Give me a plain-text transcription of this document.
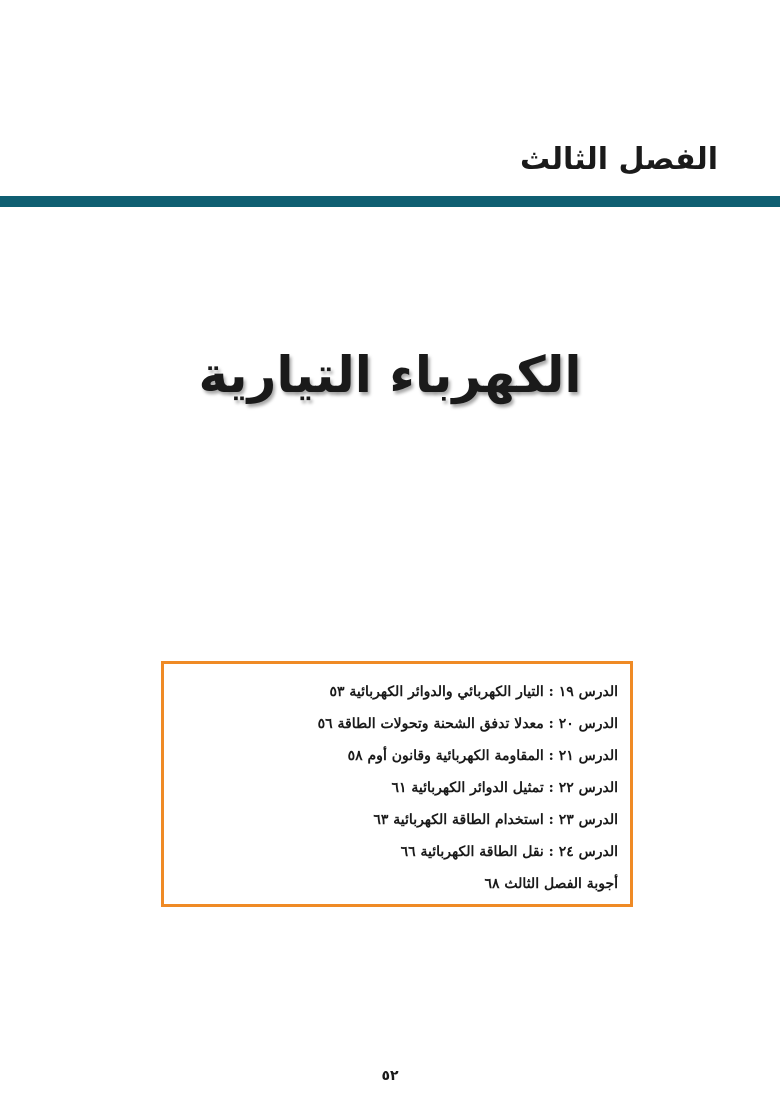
الفصل الثالث
الكهرباء التيارية
الدرس ١٩ : التيار الكهربائي والدوائر الكهربائية ٥٣
الدرس ٢٠ : معدلا تدفق الشحنة وتحولات الطاقة ٥٦
الدرس ٢١ : المقاومة الكهربائية وقانون أوم ٥٨
الدرس ٢٢ : تمثيل الدوائر الكهربائية ٦١
الدرس ٢٣ : استخدام الطاقة الكهربائية ٦٣
الدرس ٢٤ : نقل الطاقة الكهربائية ٦٦
أجوبة الفصل الثالث ٦٨
٥٢
